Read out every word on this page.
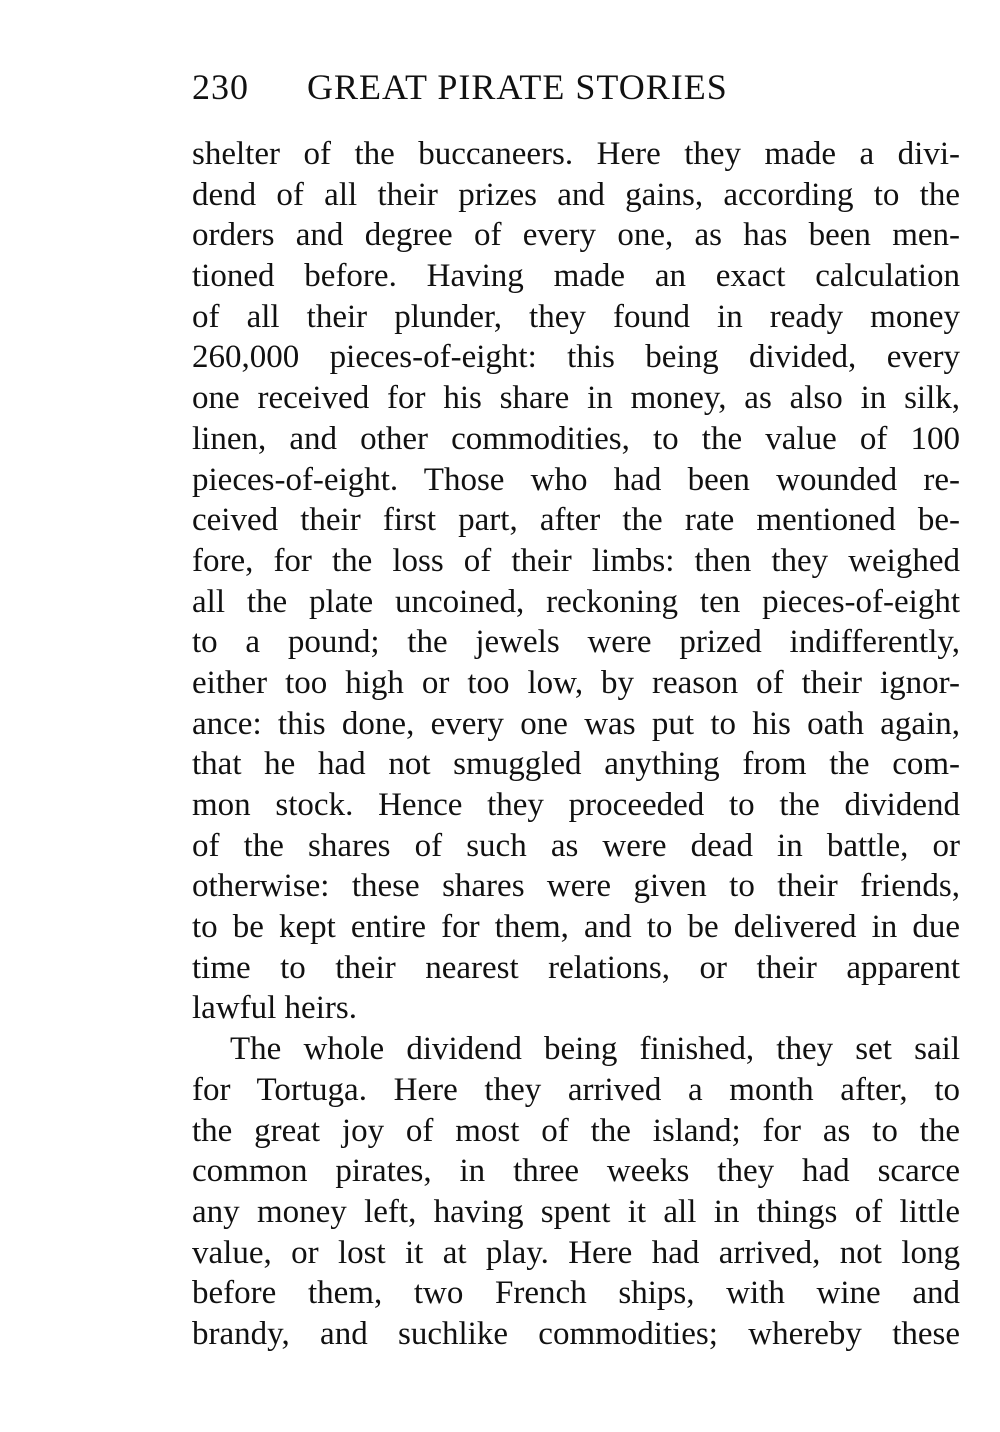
230 GREAT PIRATE STORIES
shelter of the buccaneers. Here they made a divi-
dend of all their prizes and gains, according to the
orders and degree of every one, as has been men-
tioned before. Having made an exact calculation
of all their plunder, they found in ready money
260,000 pieces-of-eight: this being divided, every
one received for his share in money, as also in silk,
linen, and other commodities, to the value of 100
pieces-of-eight. Those who had been wounded re-
ceived their first part, after the rate mentioned be-
fore, for the loss of their limbs: then they weighed
all the plate uncoined, reckoning ten pieces-of-eight
to a pound; the jewels were prized indifferently,
either too high or too low, by reason of their ignor-
ance: this done, every one was put to his oath again,
that he had not smuggled anything from the com-
mon stock. Hence they proceeded to the dividend
of the shares of such as were dead in battle, or
otherwise: these shares were given to their friends,
to be kept entire for them, and to be delivered in due
time to their nearest relations, or their apparent
lawful heirs.
The whole dividend being finished, they set sail
for Tortuga. Here they arrived a month after, to
the great joy of most of the island; for as to the
common pirates, in three weeks they had scarce
any money left, having spent it all in things of little
value, or lost it at play. Here had arrived, not long
before them, two French ships, with wine and
brandy, and suchlike commodities; whereby these
